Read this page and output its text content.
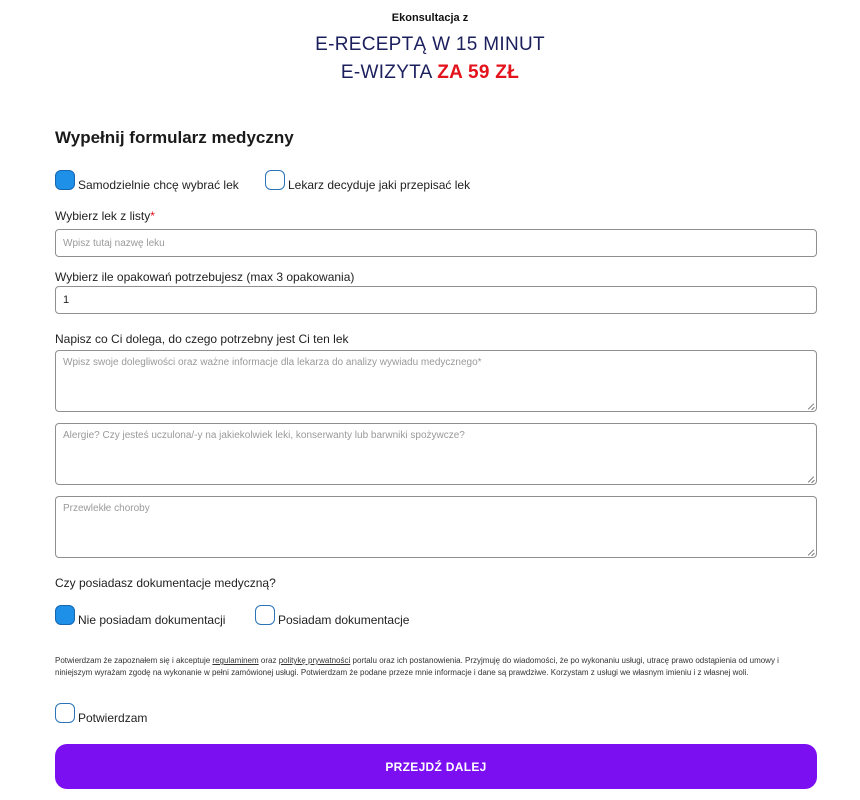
Ekonsultacja z
E-RECEPTĄ W 15 MINUT
E-WIZYTA ZA 59 ZŁ
Wypełnij formularz medyczny
Samodzielnie chcę wybrać lek	Lekarz decyduje jaki przepisać lek
Wybierz lek z listy*
Wpisz tutaj nazwę leku
Wybierz ile opakowań potrzebujesz (max 3 opakowania)
1
Napisz co Ci dolega, do czego potrzebny jest Ci ten lek
Wpisz swoje dolegliwości oraz ważne informacje dla lekarza do analizy wywiadu medycznego*
Alergie? Czy jesteś uczulona/-y na jakiekolwiek leki, konserwanty lub barwniki spożywcze?
Przewlekłe choroby
Czy posiadasz dokumentacje medyczną?
Nie posiadam dokumentacji	Posiadam dokumentacje
Potwierdzam że zapoznałem się i akceptuje regulaminem oraz politykę prywatności portalu oraz ich postanowienia. Przyjmuję do wiadomości, że po wykonaniu usługi, utracę prawo odstąpienia od umowy i niniejszym wyrażam zgodę na wykonanie w pełni zamówionej usługi. Potwierdzam że podane przeze mnie informacje i dane są prawdziwe. Korzystam z usługi we własnym imieniu i z własnej woli.
Potwierdzam
PRZEJDŹ DALEJ
